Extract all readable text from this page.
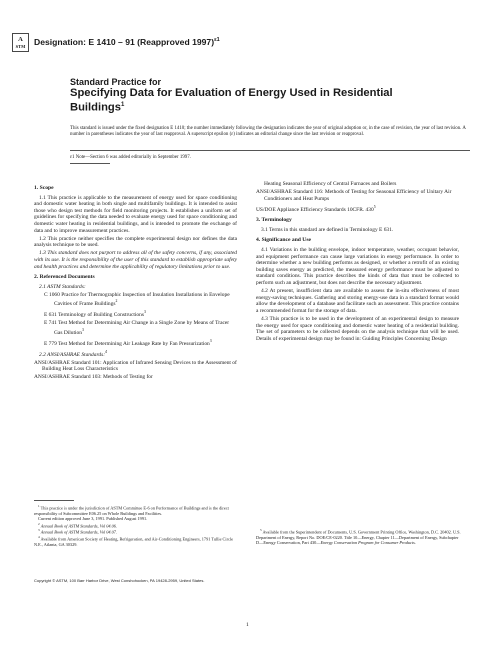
A
STM Designation: E 1410 – 91 (Reapproved 1997)$^{\varepsilon 1}$
Standard Practice for
Specifying Data for Evaluation of Energy Used in Residential Buildings$^1$
This standard is issued under the fixed designation E 1410; the number immediately following the designation indicates the year of original adoption or, in the case of revision, the year of last revision. A number in parentheses indicates the year of last reapproval. A superscript epsilon (ε) indicates an editorial change since the last revision or reapproval.
ε1 Note—Section 6 was added editorially in September 1997.
1. Scope

1.1 This practice is applicable to the measurement of energy used for space conditioning and domestic water heating in both single and multifamily buildings. It is intended to assist those who design test methods for field monitoring projects. It establishes a uniform set of guidelines for specifying the data needed to evaluate energy used for space conditioning and domestic water heating in residential buildings, and is intended to promote the exchange of data and to improve measurement practices.

1.2 This practice neither specifies the complete experimental design nor defines the data analysis technique to be used.

1.3 This standard does not purport to address all of the safety concerns, if any, associated with its use. It is the responsibility of the user of this standard to establish appropriate safety and health practices and determine the applicability of regulatory limitations prior to use.

2. Referenced Documents

2.1 ASTM Standards:

C 1060 Practice for Thermographic Inspection of Insulation Installations in Envelope Cavities of Frame Buildings$^2$

E 631 Terminology of Building Constructions$^3$

E 741 Test Method for Determining Air Change in a Single Zone by Means of Tracer Gas Dilution$^3$

E 779 Test Method for Determining Air Leakage Rate by Fan Pressurization$^3$

2.2 ANSI/ASHRAE Standards:$^4$

ANSI/ASHRAE Standard 101: Application of Infrared Sensing Devices to the Assessment of Building Heat Loss Characteristics

ANSI/ASHRAE Standard 103: Methods of Testing for

Heating Seasonal Efficiency of Central Furnaces and Boilers

ANSI/ASHRAE Standard 116: Methods of Testing for Seasonal Efficiency of Unitary Air Conditioners and Heat Pumps

US/DOE Appliance Efficiency Standards 10CFR. $430^5$

3. Terminology

3.1 Terms in this standard are defined in Terminology E 631.

4. Significance and Use

4.1 Variations in the building envelope, indoor temperature, weather, occupant behavior, and equipment performance can cause large variations in energy performance. In order to determine whether a new building performs as designed, or whether a retrofit of an existing building saves energy as predicted, the measured energy performance must be adjusted to standard conditions. This practice describes the kinds of data that must be collected to perform such an adjustment, but does not describe the necessary adjustment.

4.2 At present, insufficient data are available to assess the in-situ effectiveness of most energy-saving techniques. Gathering and storing energy-use data in a standard format would allow the development of a database and facilitate such an assessment. This practice contains a recommended format for the storage of data.

4.3 This practice is to be used in the development of an experimental design to measure the energy used for space conditioning and domestic water heating of a residential building. The set of parameters to be collected depends on the analysis technique that will be used. Details of experimental design may be found in: Guiding Principles Concerning Design

$^1$ This practice is under the jurisdiction of ASTM Committee E-6 on Performance of Buildings and is the direct responsibility of Subcommittee E06.25 on Whole Buildings and Facilities.

Current edition approved June 3, 1991. Published August 1991.

$^2$ Annual Book of ASTM Standards, Vol 04.06.

$^3$ Annual Book of ASTM Standards, Vol 04.07.

$^4$ Available from American Society of Heating, Refrigeration, and Air-Conditioning Engineers, 1791 Tullie Circle N.E., Atlanta, GA 30329.

$^5$ Available from the Superintendent of Documents, U.S. Government Printing Office, Washington, D.C. 20402. U.S. Department of Energy, Report No. DOE/CE-0220. Title 10—Energy, Chapter 11—Department of Energy, Subchapter D—Energy Conservation, Part 430—Energy Conservation Program for Consumer Products.

Copyright © ASTM, 100 Barr Harbor Drive, West Conshohocken, PA 19428-2959, United States.
1
